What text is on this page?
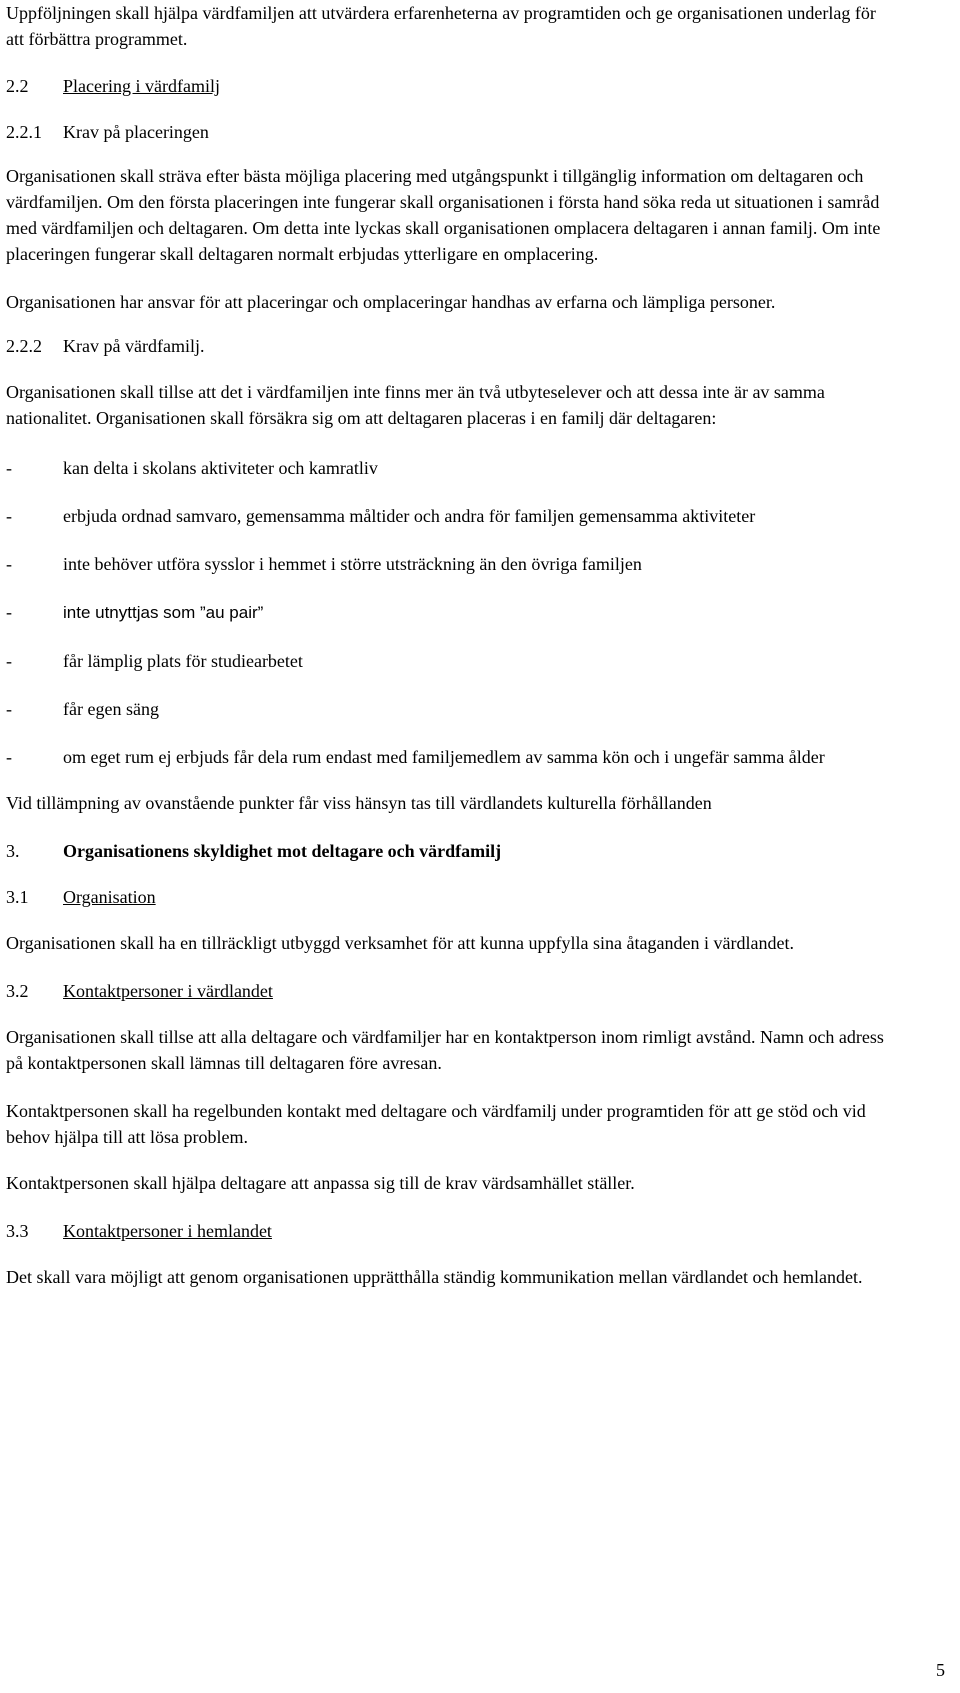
Uppföljningen skall hjälpa värdfamiljen att utvärdera erfarenheterna av programtiden och ge organisationen underlag för att förbättra programmet.

2.2 Placering i värdfamilj

2.2.1 Krav på placeringen

Organisationen skall sträva efter bästa möjliga placering med utgångspunkt i tillgänglig information om deltagaren och värdfamiljen. Om den första placeringen inte fungerar skall organisationen i första hand söka reda ut situationen i samråd med värdfamiljen och deltagaren. Om detta inte lyckas skall organisationen omplacera deltagaren i annan familj. Om inte placeringen fungerar skall deltagaren normalt erbjudas ytterligare en omplacering.

Organisationen har ansvar för att placeringar och omplaceringar handhas av erfarna och lämpliga personer.

2.2.2 Krav på värdfamilj.

Organisationen skall tillse att det i värdfamiljen inte finns mer än två utbyteselever och att dessa inte är av samma nationalitet. Organisationen skall försäkra sig om att deltagaren placeras i en familj där deltagaren:

-	kan delta i skolans aktiviteter och kamratliv
-	erbjuda ordnad samvaro, gemensamma måltider och andra för familjen gemensamma aktiviteter
-	inte behöver utföra sysslor i hemmet i större utsträckning än den övriga familjen
-	inte utnyttjas som ”au pair”
-	får lämplig plats för studiearbetet
-	får egen säng
-	om eget rum ej erbjuds får dela rum endast med familjemedlem av samma kön och i ungefär samma ålder

Vid tillämpning av ovanstående punkter får viss hänsyn tas till värdlandets kulturella förhållanden

3. Organisationens skyldighet mot deltagare och värdfamilj

3.1 Organisation

Organisationen skall ha en tillräckligt utbyggd verksamhet för att kunna uppfylla sina åtaganden i värdlandet.

3.2 Kontaktpersoner i värdlandet

Organisationen skall tillse att alla deltagare och värdfamiljer har en kontaktperson inom rimligt avstånd. Namn och adress på kontaktpersonen skall lämnas till deltagaren före avresan.

Kontaktpersonen skall ha regelbunden kontakt med deltagare och värdfamilj under programtiden för att ge stöd och vid behov hjälpa till att lösa problem.

Kontaktpersonen skall hjälpa deltagare att anpassa sig till de krav värdsamhället ställer.

3.3 Kontaktpersoner i hemlandet

Det skall vara möjligt att genom organisationen upprätthålla ständig kommunikation mellan värdlandet och hemlandet.

5
